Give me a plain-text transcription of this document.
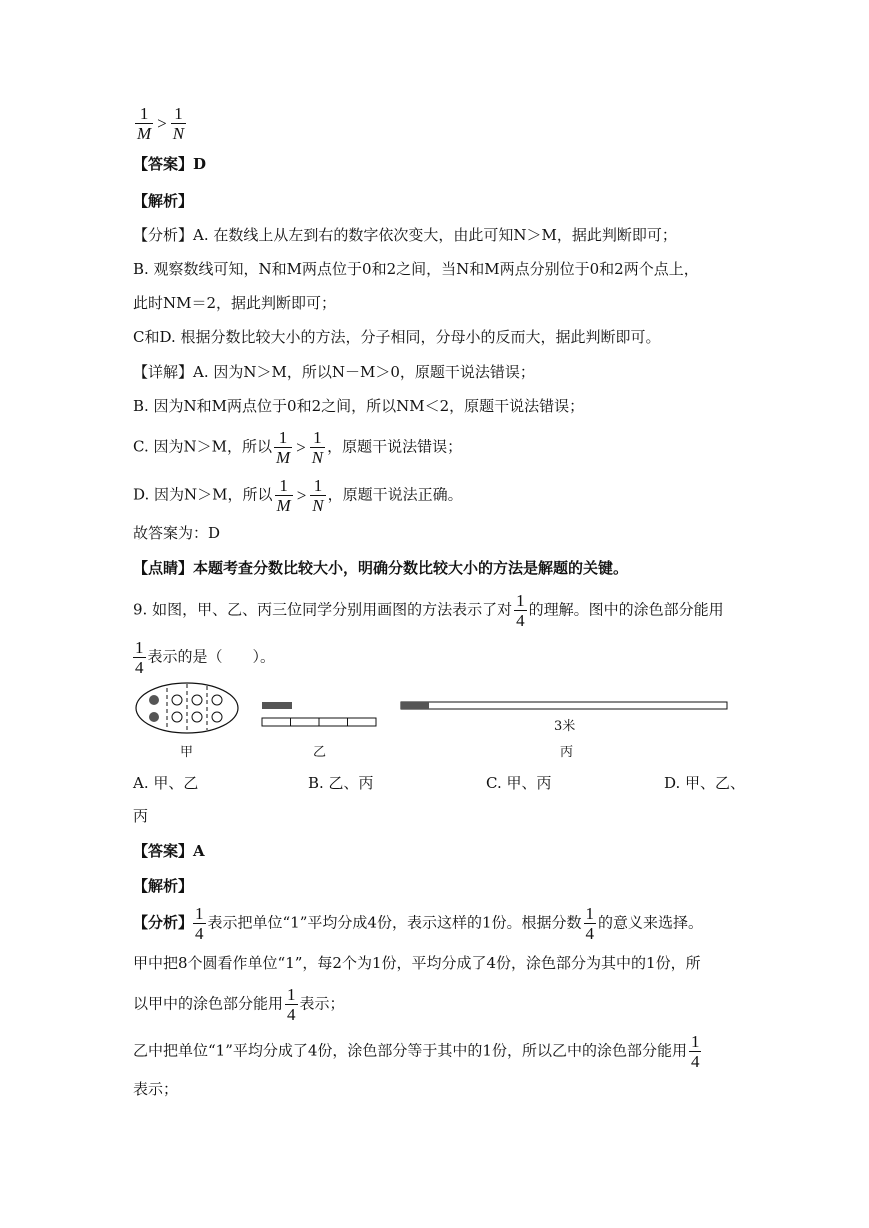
$\frac{1}{M} > \frac{1}{N}$
【答案】D
【解析】
【分析】A. 在数线上从左到右的数字依次变大，由此可知N＞M，据此判断即可；
B. 观察数线可知，N和M两点位于0和2之间，当N和M两点分别位于0和2两个点上，
此时NM＝2，据此判断即可；
C和D. 根据分数比较大小的方法，分子相同，分母小的反而大，据此判断即可。
【详解】A. 因为N＞M，所以N－M＞0，原题干说法错误；
B. 因为N和M两点位于0和2之间，所以NM＜2，原题干说法错误；
C. 因为N＞M，所以 $\frac{1}{M} > \frac{1}{N}$ ，原题干说法错误；
D. 因为N＞M，所以 $\frac{1}{M} > \frac{1}{N}$ ，原题干说法正确。
故答案为：D
【点睛】本题考查分数比较大小，明确分数比较大小的方法是解题的关键。
9. 如图，甲、乙、丙三位同学分别用画图的方法表示了对 $\frac{1}{4}$ 的理解。图中的涂色部分能用
$\frac{1}{4}$ 表示的是（　　）。
3米
甲	乙	丙
A. 甲、乙	B. 乙、丙	C. 甲、丙	D. 甲、乙、
丙
【答案】A
【解析】
【分析】 $\frac{1}{4}$ 表示把单位“1”平均分成4份，表示这样的1份。根据分数 $\frac{1}{4}$ 的意义来选择。
甲中把8个圆看作单位“1”，每2个为1份，平均分成了4份，涂色部分为其中的1份，所
以甲中的涂色部分能用 $\frac{1}{4}$ 表示；
乙中把单位“1”平均分成了4份，涂色部分等于其中的1份，所以乙中的涂色部分能用 $\frac{1}{4}$
表示；
